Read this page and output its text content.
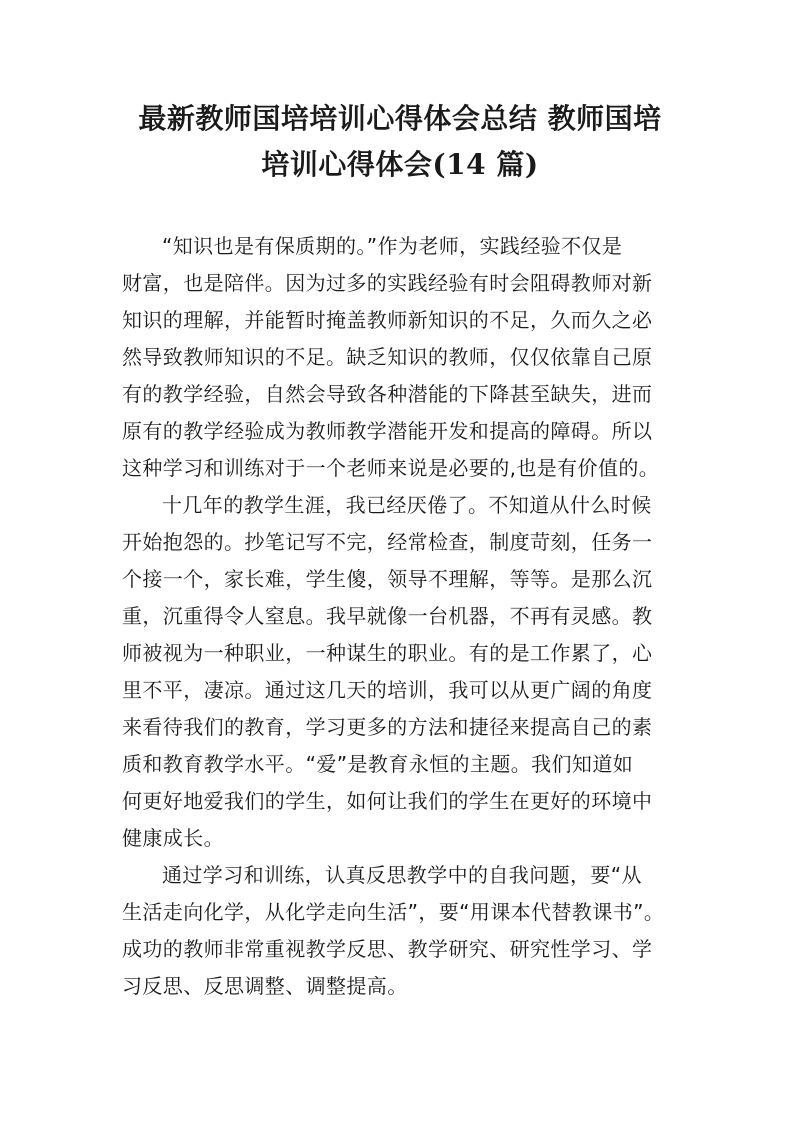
最新教师国培培训心得体会总结 教师国培
培训心得体会(14 篇)
“知识也是有保质期的。”作为老师，实践经验不仅是
财富，也是陪伴。因为过多的实践经验有时会阻碍教师对新
知识的理解，并能暂时掩盖教师新知识的不足，久而久之必
然导致教师知识的不足。缺乏知识的教师，仅仅依靠自己原
有的教学经验，自然会导致各种潜能的下降甚至缺失，进而
原有的教学经验成为教师教学潜能开发和提高的障碍。所以
这种学习和训练对于一个老师来说是必要的,也是有价值的。
十几年的教学生涯，我已经厌倦了。不知道从什么时候
开始抱怨的。抄笔记写不完，经常检查，制度苛刻，任务一
个接一个，家长难，学生傻，领导不理解，等等。是那么沉
重，沉重得令人窒息。我早就像一台机器，不再有灵感。教
师被视为一种职业，一种谋生的职业。有的是工作累了，心
里不平，凄凉。通过这几天的培训，我可以从更广阔的角度
来看待我们的教育，学习更多的方法和捷径来提高自己的素
质和教育教学水平。“爱”是教育永恒的主题。我们知道如
何更好地爱我们的学生，如何让我们的学生在更好的环境中
健康成长。
通过学习和训练，认真反思教学中的自我问题，要“从
生活走向化学，从化学走向生活”，要“用课本代替教课书”。
成功的教师非常重视教学反思、教学研究、研究性学习、学
习反思、反思调整、调整提高。
